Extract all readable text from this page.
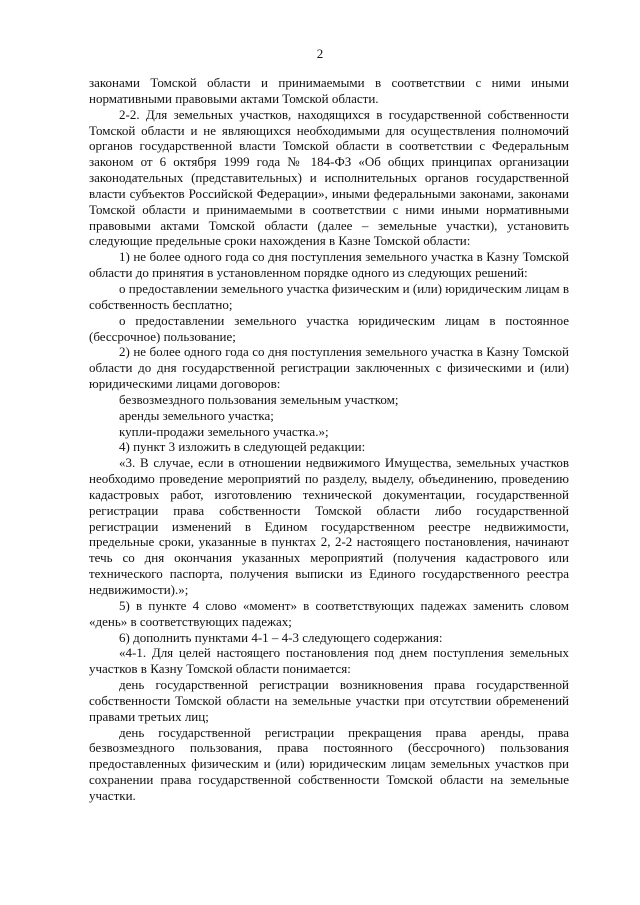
2

законами Томской области и принимаемыми в соответствии с ними иными нормативными правовыми актами Томской области.

2-2. Для земельных участков, находящихся в государственной собственности Томской области и не являющихся необходимыми для осуществления полномочий органов государственной власти Томской области в соответствии с Федеральным законом от 6 октября 1999 года № 184-ФЗ «Об общих принципах организации законодательных (представительных) и исполнительных органов государственной власти субъектов Российской Федерации», иными федеральными законами, законами Томской области и принимаемыми в соответствии с ними иными нормативными правовыми актами Томской области (далее – земельные участки), установить следующие предельные сроки нахождения в Казне Томской области:

1) не более одного года со дня поступления земельного участка в Казну Томской области до принятия в установленном порядке одного из следующих решений:

о предоставлении земельного участка физическим и (или) юридическим лицам в собственность бесплатно;

о предоставлении земельного участка юридическим лицам в постоянное (бессрочное) пользование;

2) не более одного года со дня поступления земельного участка в Казну Томской области до дня государственной регистрации заключенных с физическими и (или) юридическими лицами договоров:

безвозмездного пользования земельным участком;

аренды земельного участка;

купли-продажи земельного участка.»;

4) пункт 3 изложить в следующей редакции:

«3. В случае, если в отношении недвижимого Имущества, земельных участков необходимо проведение мероприятий по разделу, выделу, объединению, проведению кадастровых работ, изготовлению технической документации, государственной регистрации права собственности Томской области либо государственной регистрации изменений в Едином государственном реестре недвижимости, предельные сроки, указанные в пунктах 2, 2-2 настоящего постановления, начинают течь со дня окончания указанных мероприятий (получения кадастрового или технического паспорта, получения выписки из Единого государственного реестра недвижимости).»;

5) в пункте 4 слово «момент» в соответствующих падежах заменить словом «день» в соответствующих падежах;

6) дополнить пунктами 4-1 – 4-3 следующего содержания:

«4-1. Для целей настоящего постановления под днем поступления земельных участков в Казну Томской области понимается:

день государственной регистрации возникновения права государственной собственности Томской области на земельные участки при отсутствии обременений правами третьих лиц;

день государственной регистрации прекращения права аренды, права безвозмездного пользования, права постоянного (бессрочного) пользования предоставленных физическим и (или) юридическим лицам земельных участков при сохранении права государственной собственности Томской области на земельные участки.
